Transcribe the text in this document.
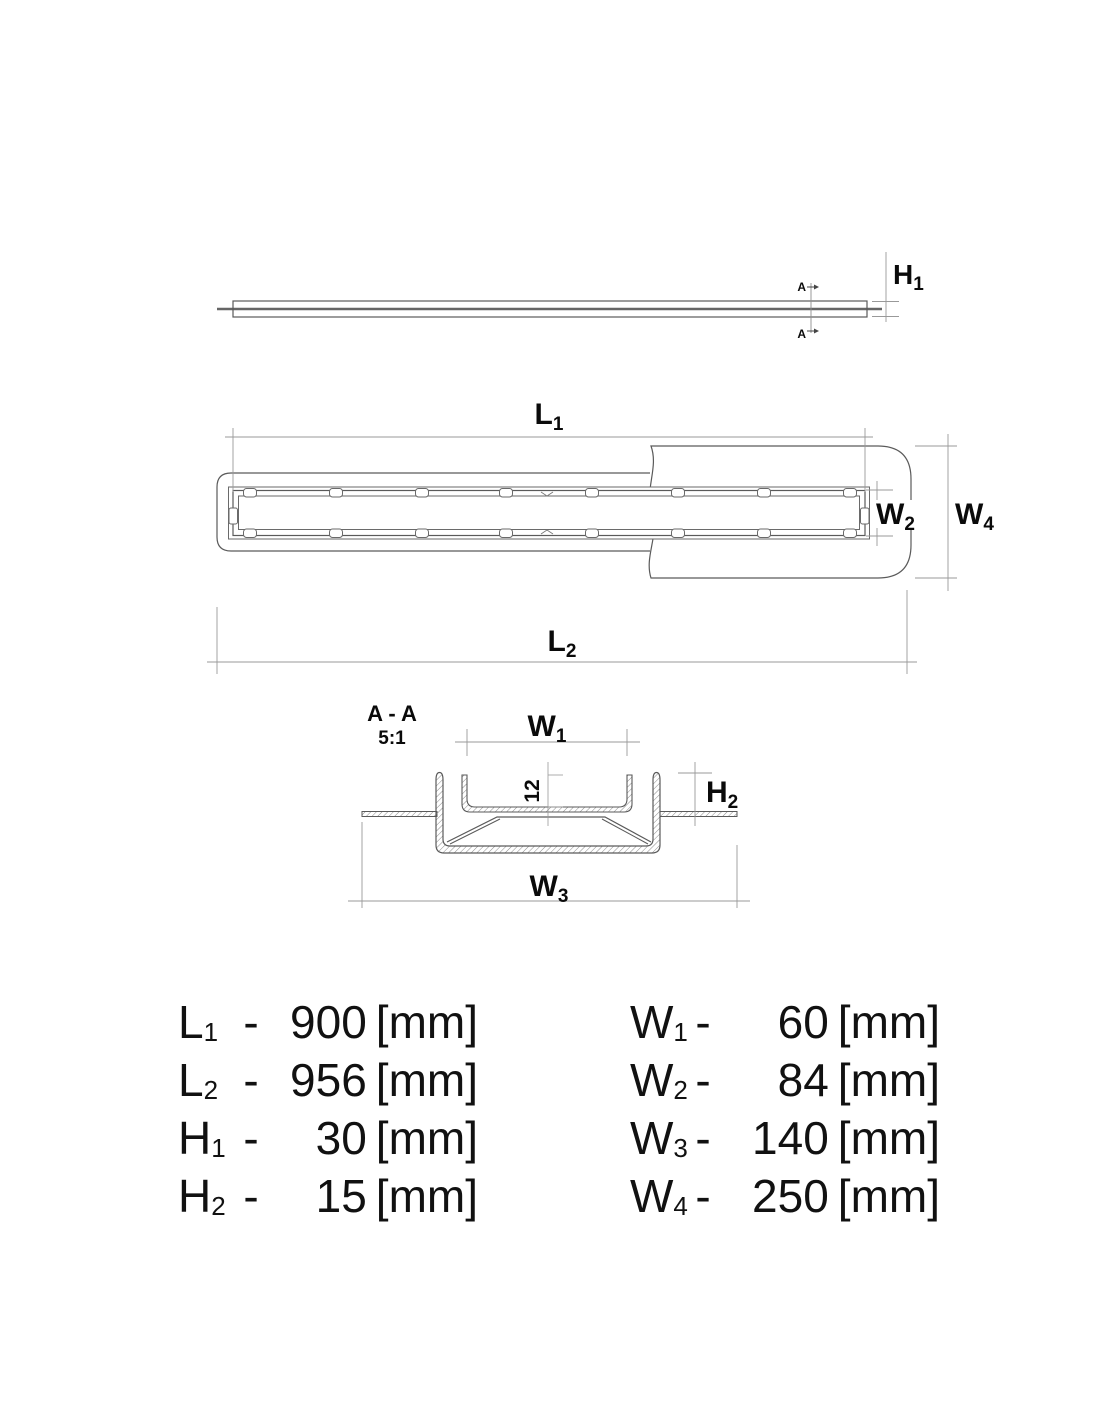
A
A
$H_1$
$L_1$
$L_2$
$W_2$ $W_4$
A - A
5:1
12
$W_1$
$H_2$
$W_3$
$L_1 - 900$ [mm]
$L_2 - 956$ [mm]
$H_1$ -	30 [mm]
$H_2$ -	15 [mm]
$W_1$ -	60 [mm]
$W_2$ -	84 [mm]
$W_3 - 140$ [mm]
$W_4 - 250$ [mm]
